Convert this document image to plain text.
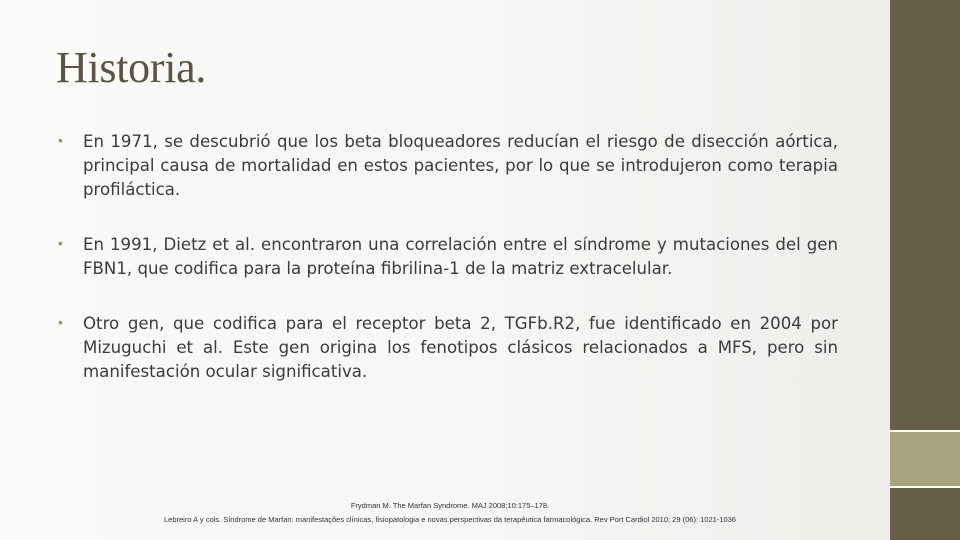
Historia.
• En 1971, se descubrió que los beta bloqueadores reducían el riesgo de disección aórtica, principal causa de mortalidad en estos pacientes, por lo que se introdujeron como terapia profiláctica.
• En 1991, Dietz et al. encontraron una correlación entre el síndrome y mutaciones del gen FBN1, que codifica para la proteína fibrilina-1 de la matriz extracelular.
• Otro gen, que codifica para el receptor beta 2, TGFb.R2, fue identificado en 2004 por Mizuguchi et al. Este gen origina los fenotipos clásicos relacionados a MFS, pero sin manifestación ocular significativa.
Frydman M. The Marfan Syndrome. MAJ 2008;10:175–178.
Lebreiro A y cols. Síndrome de Marfan: manifestações clínicas, fisiopatologia e novas perspectivas da terapêutica farmacológica. Rev Port Cardiol 2010; 29 (06): 1021-1036
